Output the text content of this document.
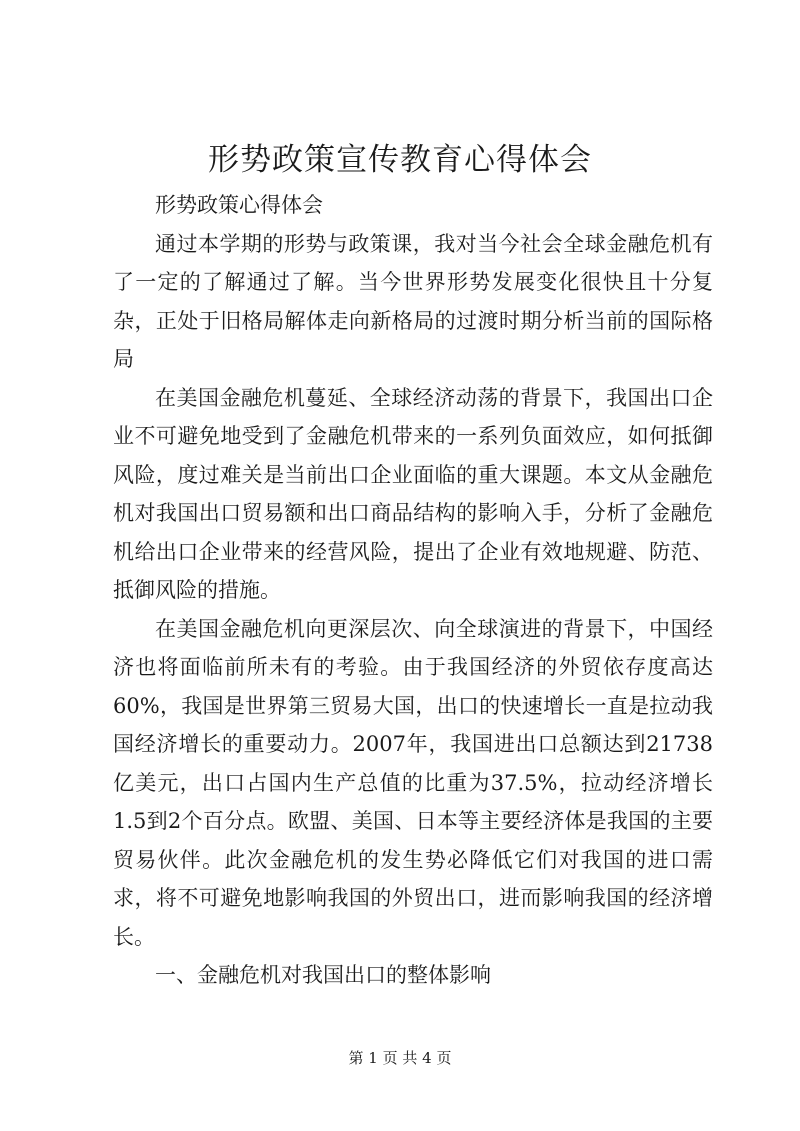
形势政策宣传教育心得体会

形势政策心得体会

通过本学期的形势与政策课，我对当今社会全球金融危机有了一定的了解通过了解。当今世界形势发展变化很快且十分复杂，正处于旧格局解体走向新格局的过渡时期分析当前的国际格局

在美国金融危机蔓延、全球经济动荡的背景下，我国出口企业不可避免地受到了金融危机带来的一系列负面效应，如何抵御风险，度过难关是当前出口企业面临的重大课题。本文从金融危机对我国出口贸易额和出口商品结构的影响入手，分析了金融危机给出口企业带来的经营风险，提出了企业有效地规避、防范、抵御风险的措施。

在美国金融危机向更深层次、向全球演进的背景下，中国经济也将面临前所未有的考验。由于我国经济的外贸依存度高达60%，我国是世界第三贸易大国，出口的快速增长一直是拉动我国经济增长的重要动力。2007年，我国进出口总额达到21738亿美元，出口占国内生产总值的比重为37.5%，拉动经济增长1.5到2个百分点。欧盟、美国、日本等主要经济体是我国的主要贸易伙伴。此次金融危机的发生势必降低它们对我国的进口需求，将不可避免地影响我国的外贸出口，进而影响我国的经济增长。

一、金融危机对我国出口的整体影响

第 1 页 共 4 页
